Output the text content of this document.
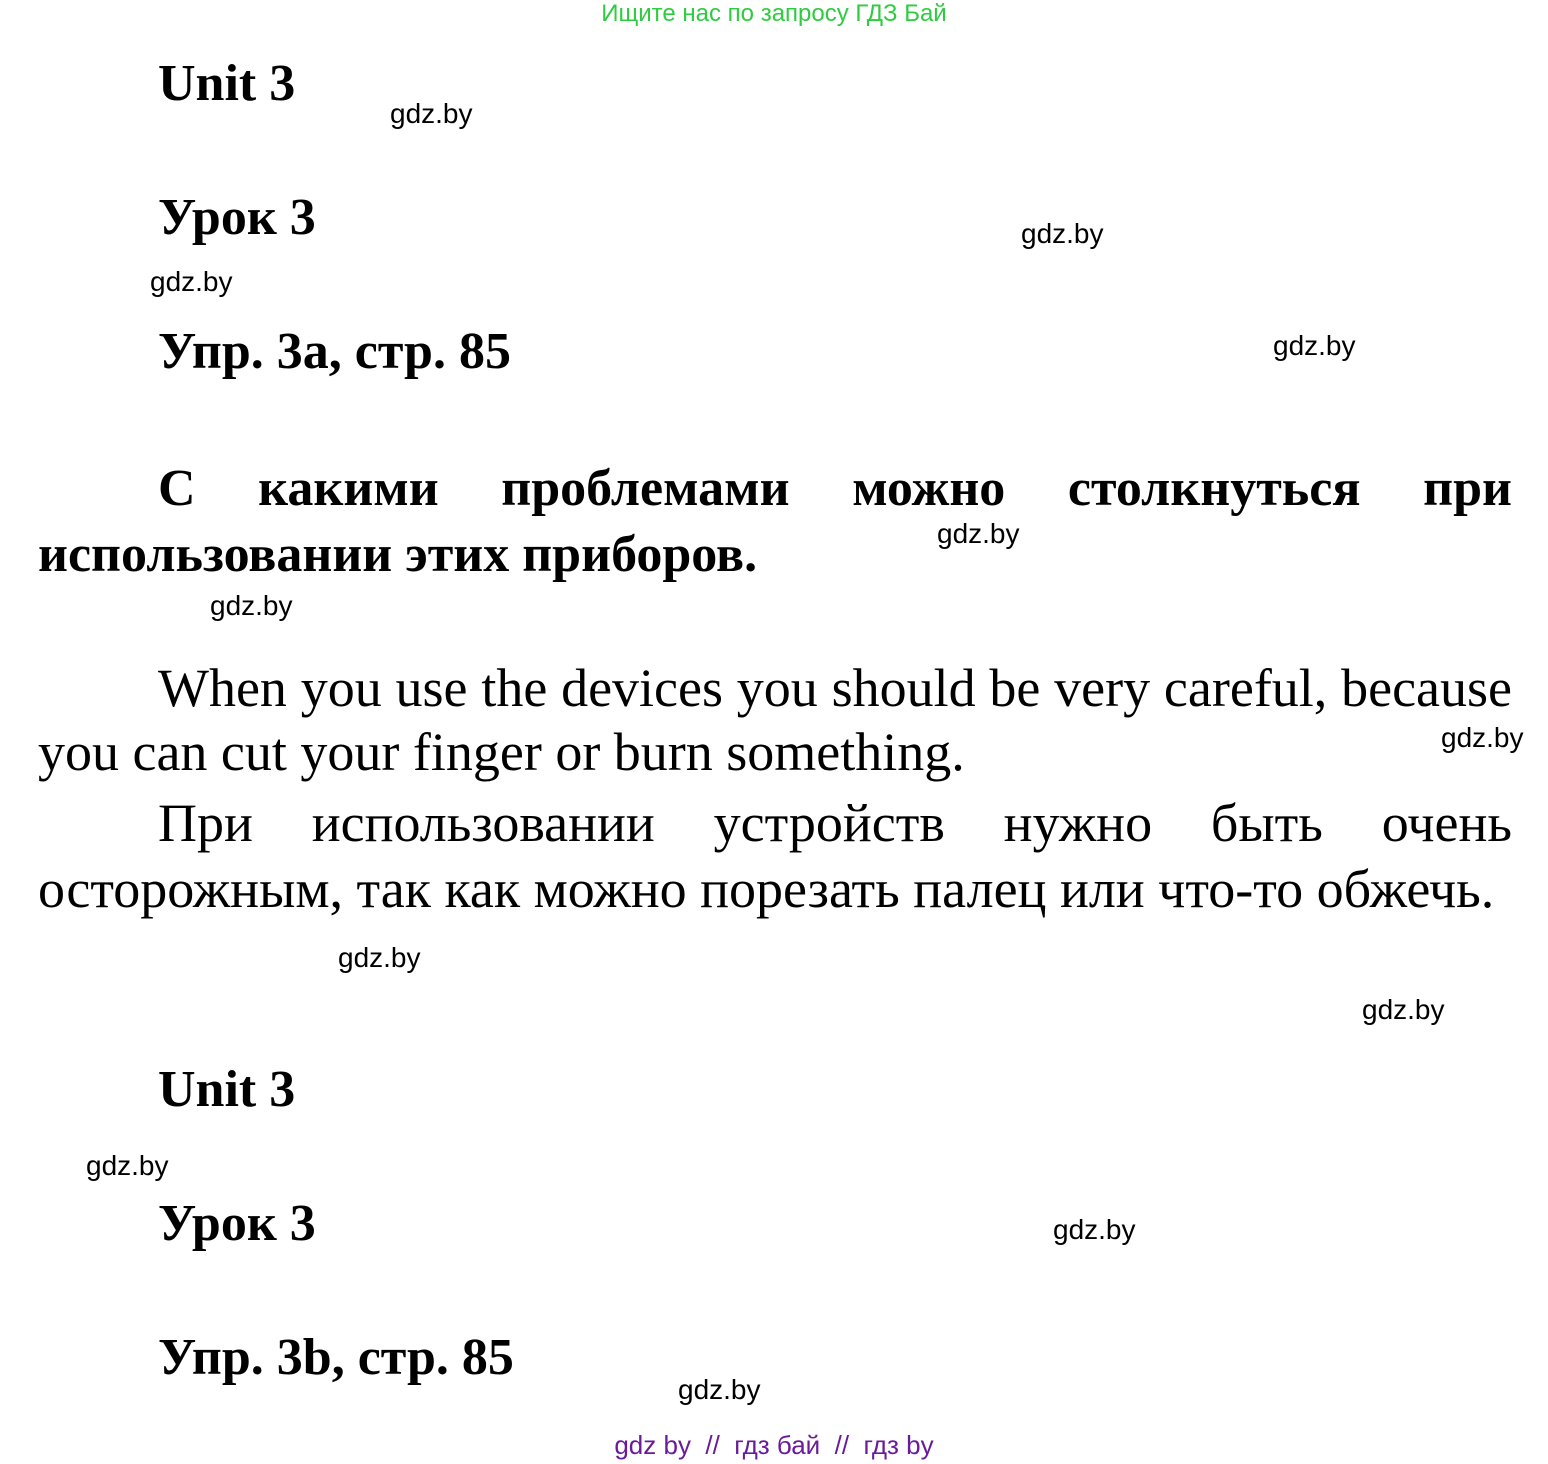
Ищите нас по запросу ГДЗ Бай
Unit 3
Урок 3
Упр. 3а, стр. 85
С какими проблемами можно столкнуться при использовании этих приборов.
When you use the devices you should be very careful, because you can cut your finger or burn something.
При использовании устройств нужно быть очень осторожным, так как можно порезать палец или что-то обжечь.
Unit 3
Урок 3
Упр. 3b, стр. 85
gdz.by
gdz.by
gdz.by
gdz.by
gdz.by
gdz.by
gdz.by
gdz.by
gdz.by
gdz.by
gdz.by
gdz.by
gdz by  //  гдз бай  //  гдз by
